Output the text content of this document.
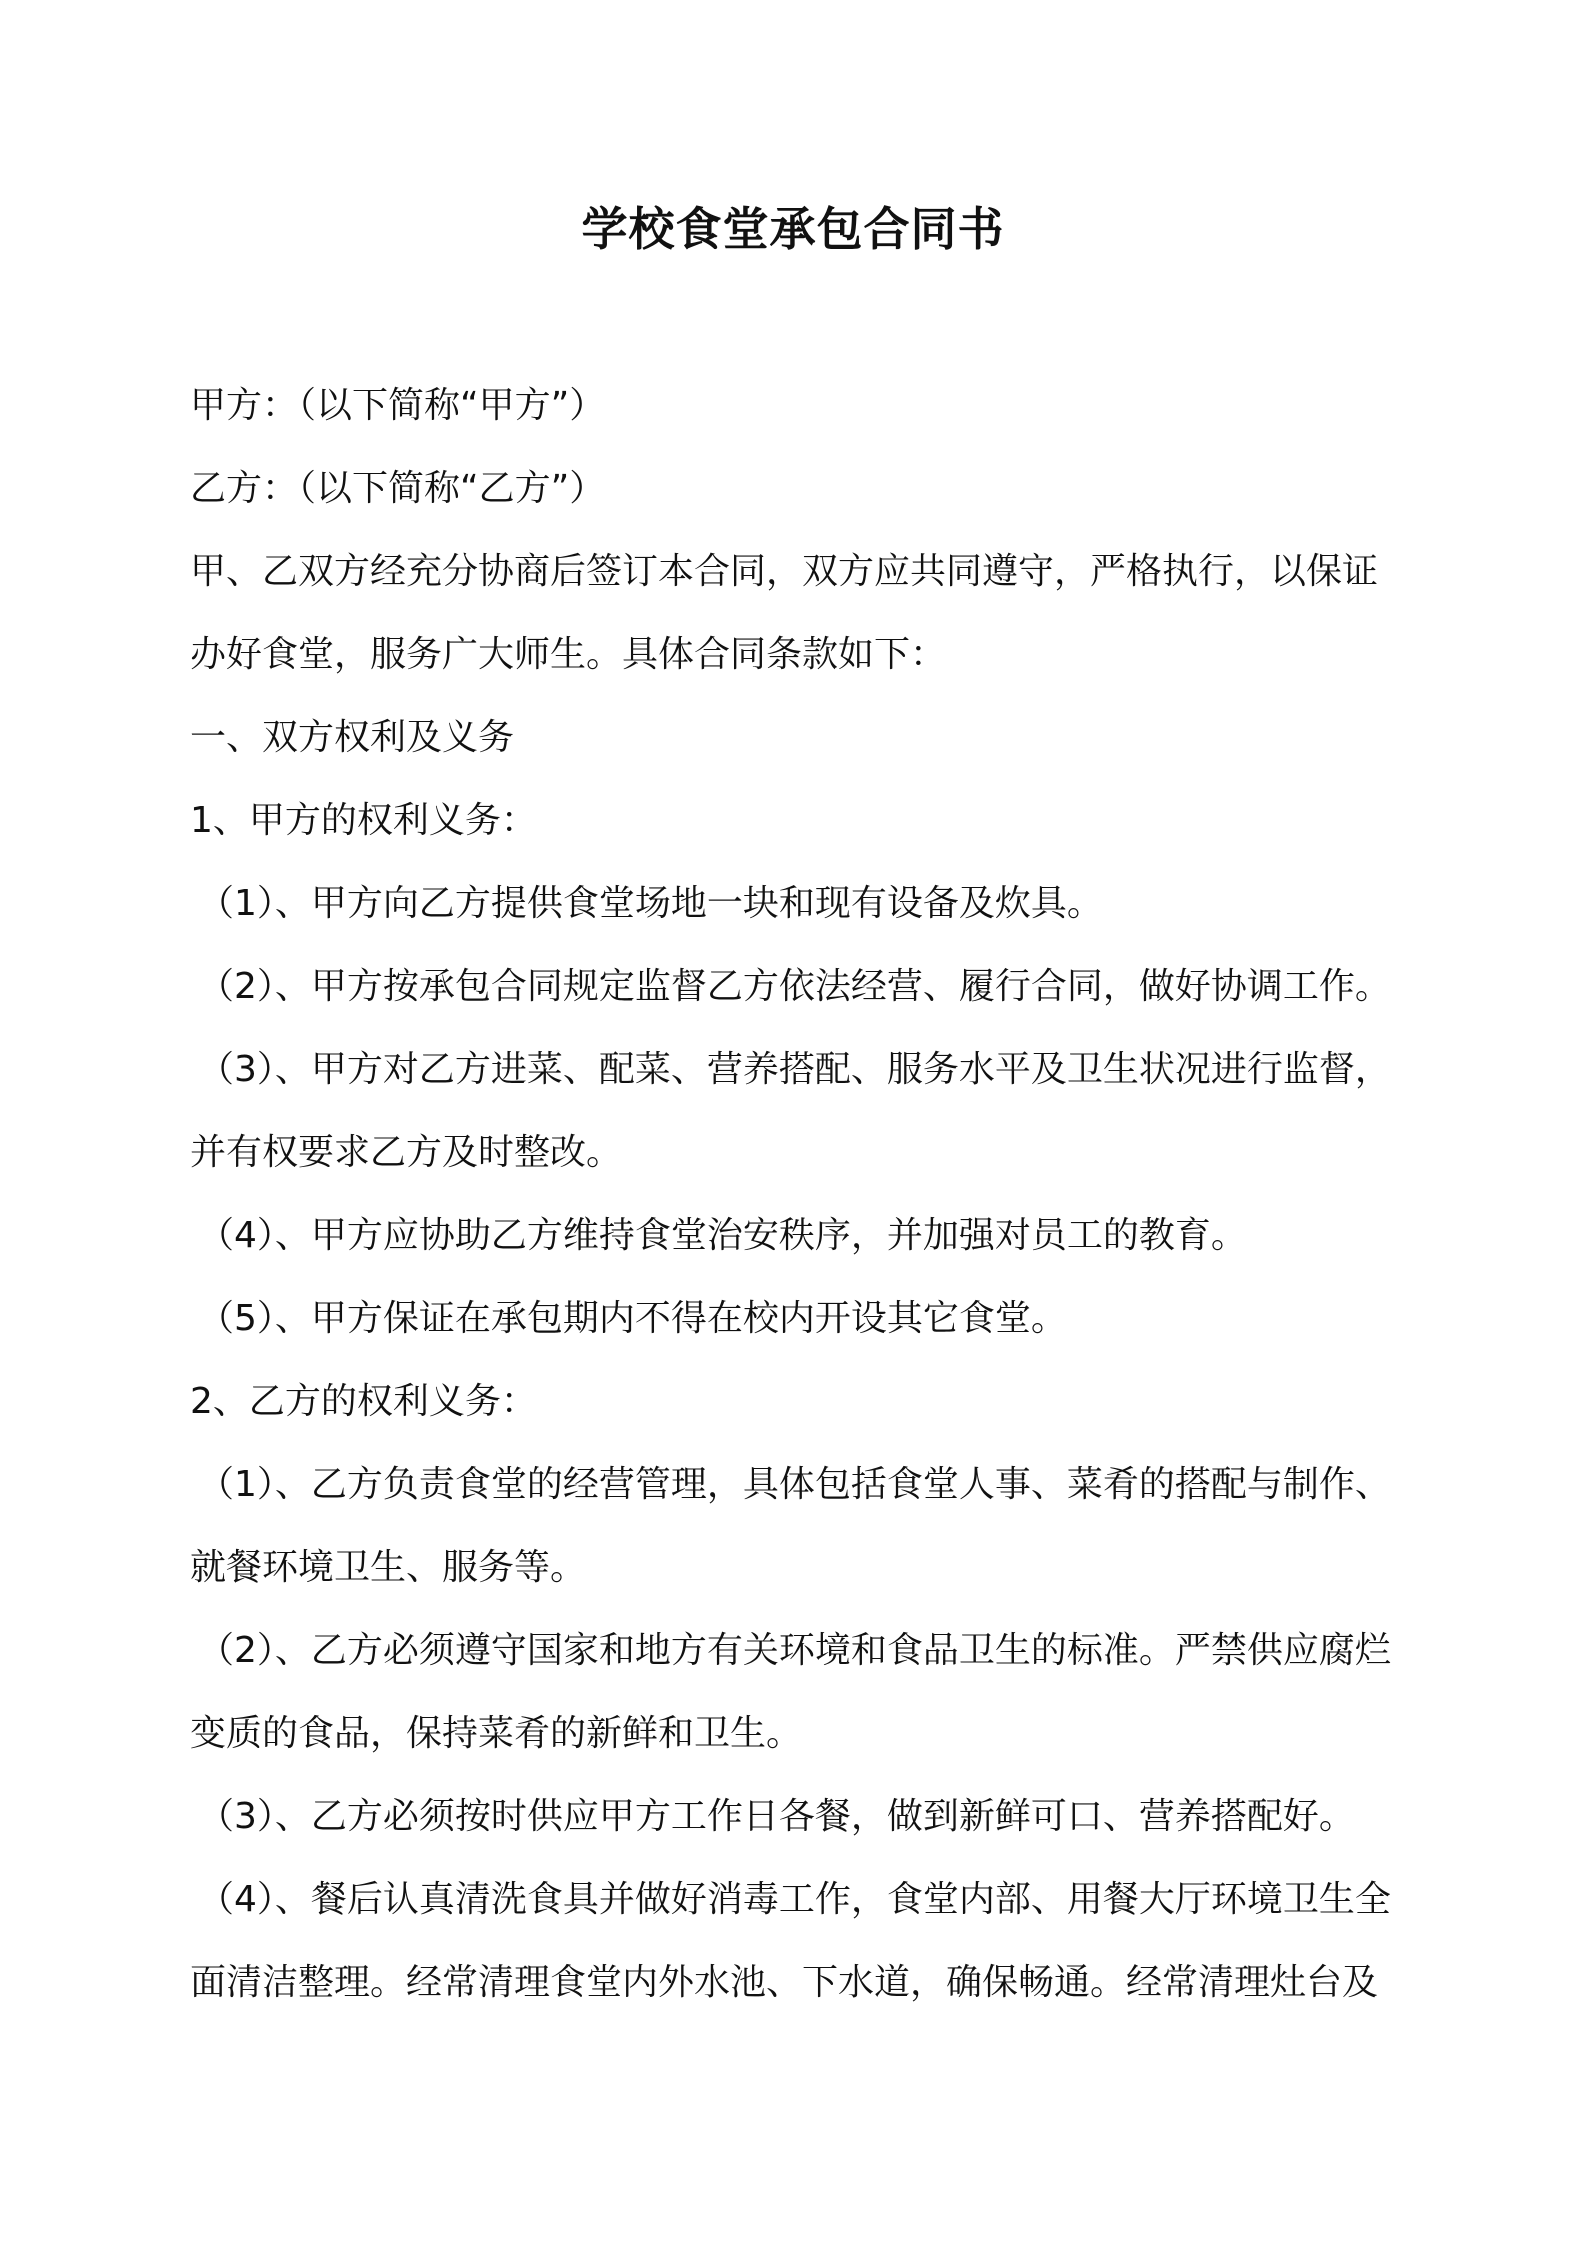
学校食堂承包合同书

甲方：（以下简称“甲方”）

乙方：（以下简称“乙方”）

甲、乙双方经充分协商后签订本合同，双方应共同遵守，严格执行，以保证

办好食堂，服务广大师生。具体合同条款如下：

一、双方权利及义务

1、甲方的权利义务：

（1）、甲方向乙方提供食堂场地一块和现有设备及炊具。

（2）、甲方按承包合同规定监督乙方依法经营、履行合同，做好协调工作。

（3）、甲方对乙方进菜、配菜、营养搭配、服务水平及卫生状况进行监督，

并有权要求乙方及时整改。

（4）、甲方应协助乙方维持食堂治安秩序，并加强对员工的教育。

（5）、甲方保证在承包期内不得在校内开设其它食堂。

2、乙方的权利义务：

（1）、乙方负责食堂的经营管理，具体包括食堂人事、菜肴的搭配与制作、

就餐环境卫生、服务等。

（2）、乙方必须遵守国家和地方有关环境和食品卫生的标准。严禁供应腐烂

变质的食品，保持菜肴的新鲜和卫生。

（3）、乙方必须按时供应甲方工作日各餐，做到新鲜可口、营养搭配好。

（4）、餐后认真清洗食具并做好消毒工作，食堂内部、用餐大厅环境卫生全

面清洁整理。经常清理食堂内外水池、下水道，确保畅通。经常清理灶台及
